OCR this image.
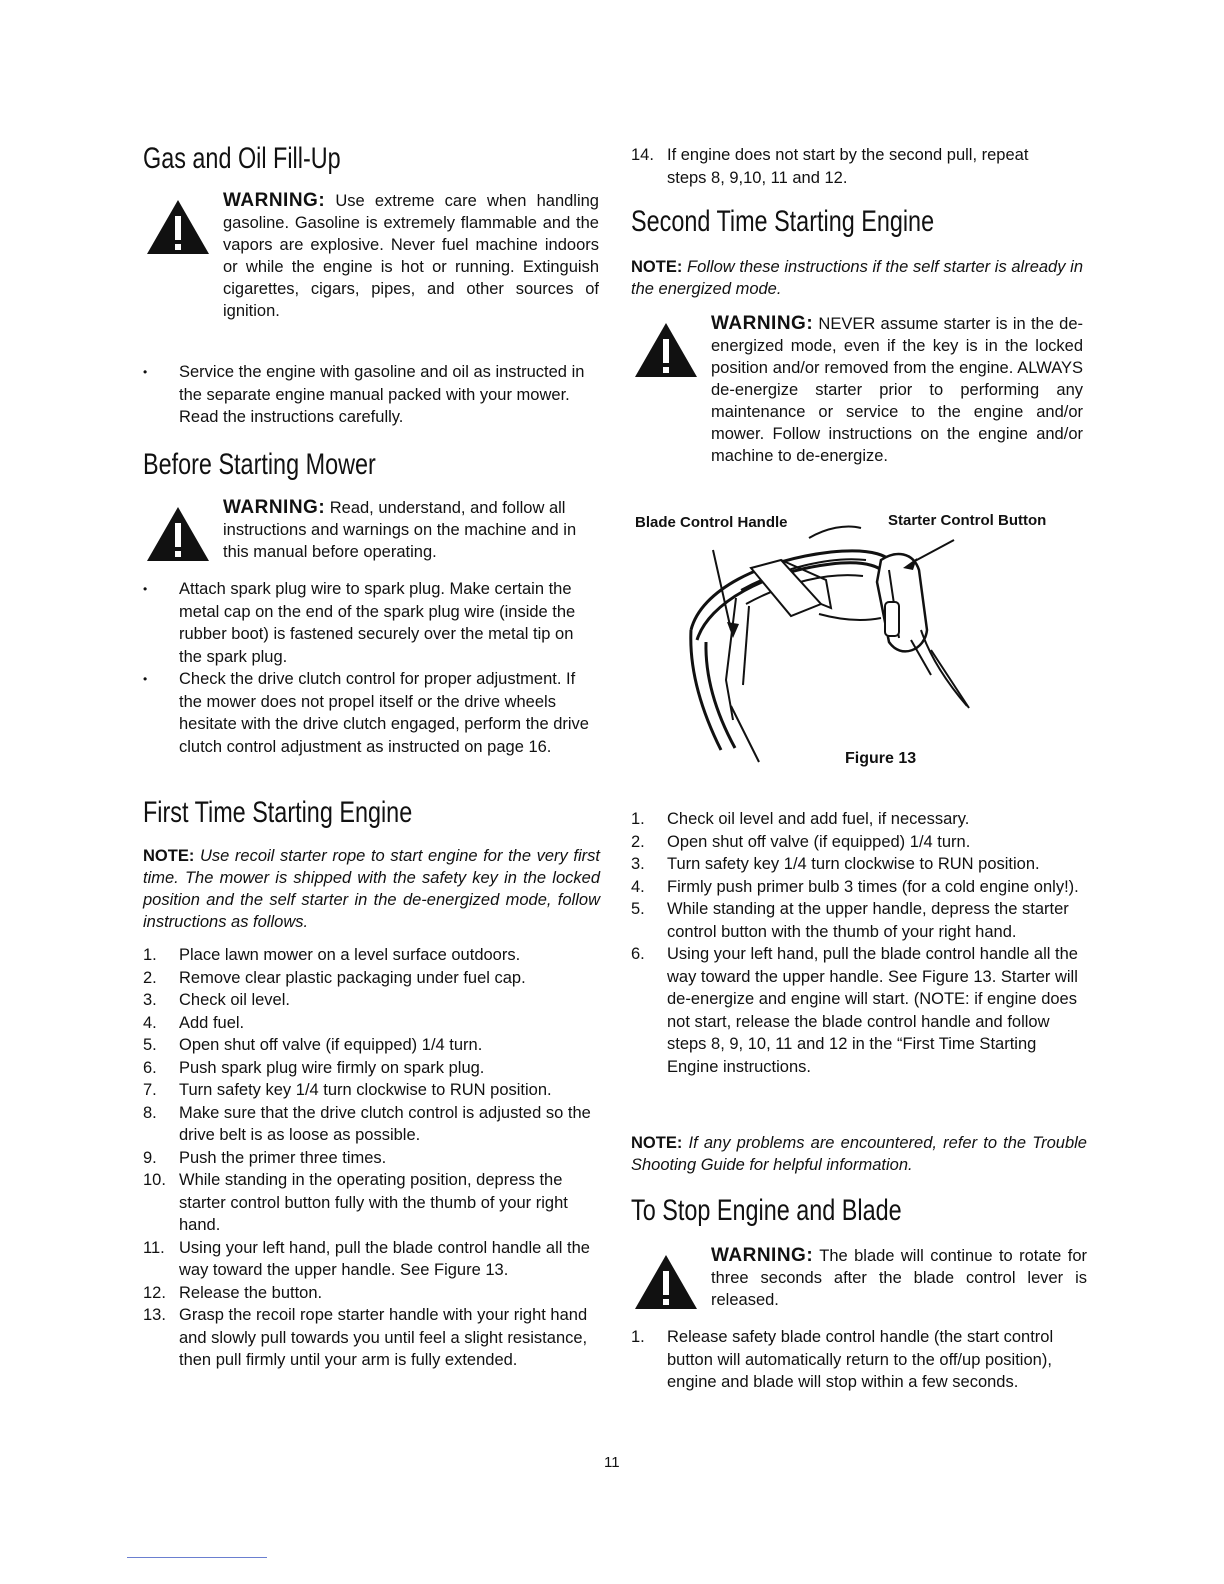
Gas and Oil Fill-Up
WARNING: Use extreme care when handling gasoline. Gasoline is extremely flammable and the vapors are explosive. Never fuel machine indoors or while the engine is hot or running. Extinguish cigarettes, cigars, pipes, and other sources of ignition.
• Service the engine with gasoline and oil as instructed in the separate engine manual packed with your mower. Read the instructions carefully.
Before Starting Mower
WARNING: Read, understand, and follow all instructions and warnings on the machine and in this manual before operating.
• Attach spark plug wire to spark plug. Make certain the metal cap on the end of the spark plug wire (inside the rubber boot) is fastened securely over the metal tip on the spark plug.
• Check the drive clutch control for proper adjustment. If the mower does not propel itself or the drive wheels hesitate with the drive clutch engaged, perform the drive clutch control adjustment as instructed on page 16.
First Time Starting Engine
NOTE: Use recoil starter rope to start engine for the very first time. The mower is shipped with the safety key in the locked position and the self starter in the de-energized mode, follow instructions as follows.
1.	Place lawn mower on a level surface outdoors.
2.	Remove clear plastic packaging under fuel cap.
3.	Check oil level.
4.	Add fuel.
5.	Open shut off valve (if equipped) 1/4 turn.
6.	Push spark plug wire firmly on spark plug.
7.	Turn safety key 1/4 turn clockwise to RUN position.
8.	Make sure that the drive clutch control is adjusted so the drive belt is as loose as possible.
9.	Push the primer three times.
10. While standing in the operating position, depress the starter control button fully with the thumb of your right hand.
11. Using your left hand, pull the blade control handle all the way toward the upper handle. See Figure 13.
12. Release the button.
13. Grasp the recoil rope starter handle with your right hand and slowly pull towards you until feel a slight resistance, then pull firmly until your arm is fully extended.
14. If engine does not start by the second pull, repeat steps 8, 9,10, 11 and 12.
Second Time Starting Engine
NOTE: Follow these instructions if the self starter is already in the energized mode.
WARNING: NEVER assume starter is in the de-energized mode, even if the key is in the locked position and/or removed from the engine. ALWAYS de-energize starter prior to performing any maintenance or service to the engine and/or mower. Follow instructions on the engine and/or machine to de-energize.
Blade Control Handle	Starter Control Button
Figure 13
1.	Check oil level and add fuel, if necessary.
2.	Open shut off valve (if equipped) 1/4 turn.
3.	Turn safety key 1/4 turn clockwise to RUN position.
4.	Firmly push primer bulb 3 times (for a cold engine only!).
5.	While standing at the upper handle, depress the starter control button with the thumb of your right hand.
6.	Using your left hand, pull the blade control handle all the way toward the upper handle. See Figure 13. Starter will de-energize and engine will start. (NOTE: if engine does not start, release the blade control handle and follow steps 8, 9, 10, 11 and 12 in the “First Time Starting Engine instructions.
NOTE: If any problems are encountered, refer to the Trouble Shooting Guide for helpful information.
To Stop Engine and Blade
WARNING: The blade will continue to rotate for three seconds after the blade control lever is released.
1.	Release safety blade control handle (the start control button will automatically return to the off/up position), engine and blade will stop within a few seconds.
11
